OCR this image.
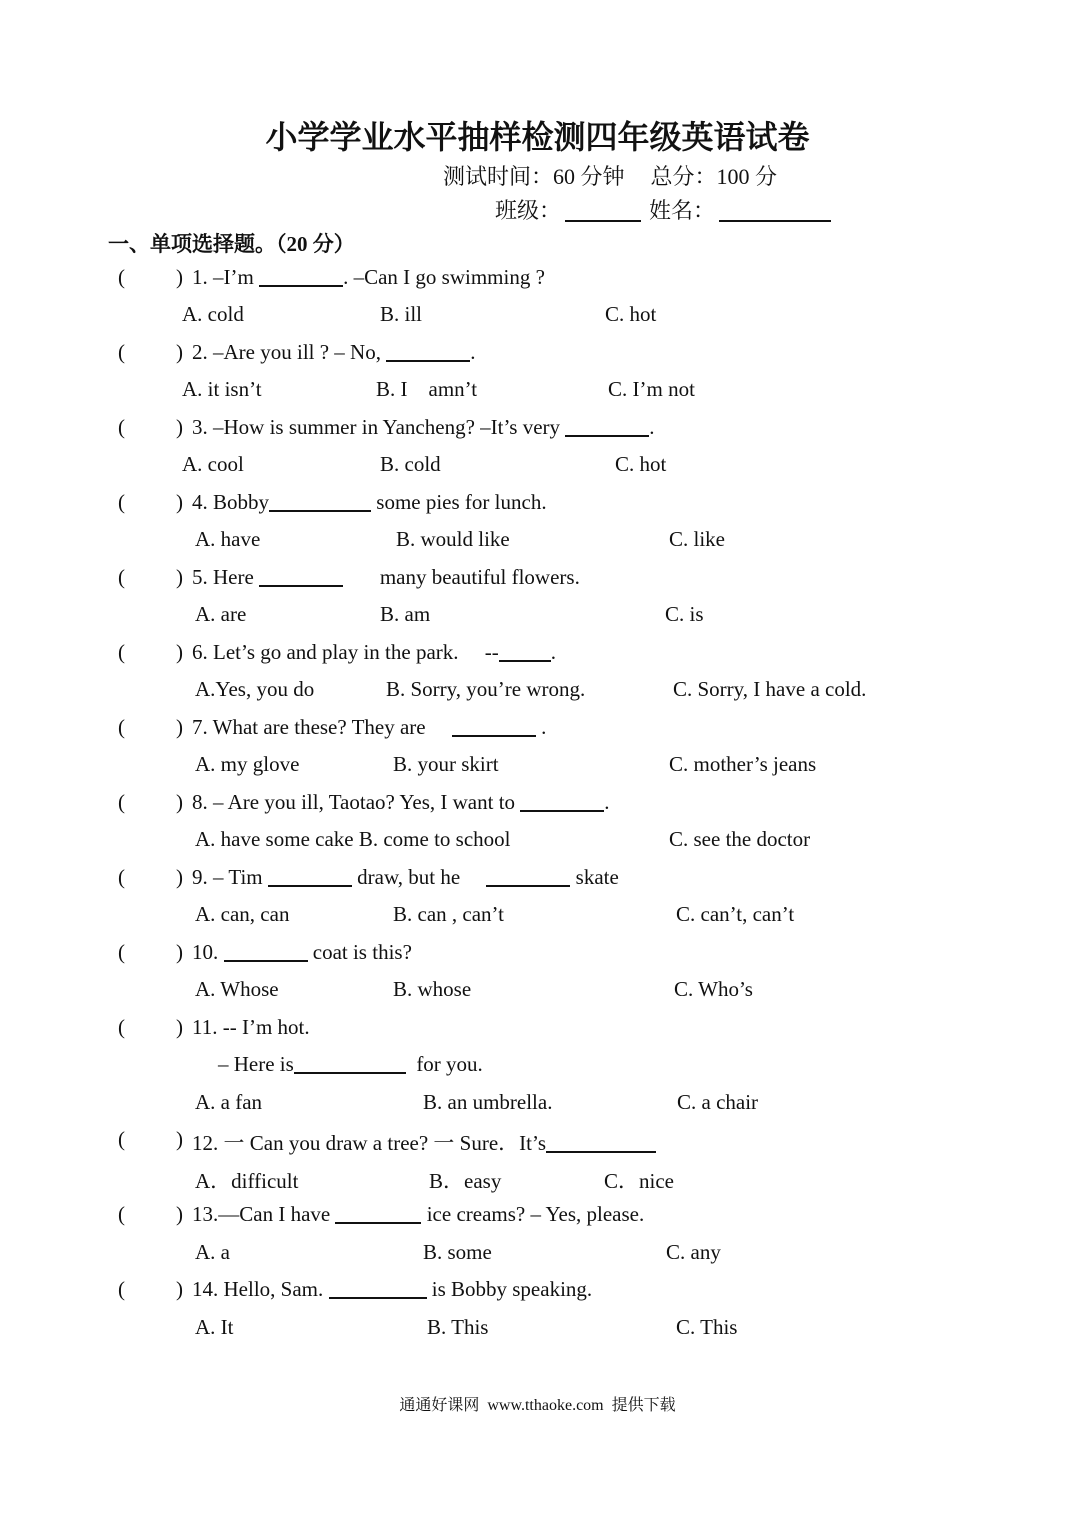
小学学业水平抽样检测四年级英语试卷
测试时间：60 分钟 总分：100 分
班级：	姓名：
一、单项选择题。（20 分）
( ) 1. –I’m	. –Can I go swimming ?
A. cold	B. ill	C. hot
( ) 2. –Are you ill ? – No,	.
A. it isn’t	B. I    amn’t	C. I’m not
( ) 3. –How is summer in Yancheng? –It’s very	.
A. cool	B. cold	C. hot
( ) 4. Bobby	some pies for lunch.
A. have	B. would like	C. like
( ) 5. Here	many beautiful flowers.
A. are	B. am	C. is
( ) 6. Let’s go and play in the park.     -- .
A.Yes, you do	B. Sorry, you’re wrong.	C. Sorry, I have a cold.
( ) 7. What are these? They are	.
A. my glove	B. your skirt	C. mother’s jeans
( ) 8. – Are you ill, Taotao? Yes, I want to	.
A. have some cake B. come to school	C. see the doctor
( ) 9. – Tim	draw, but he	skate
A. can, can	B. can , can’t	C. can’t, can’t
( ) 10.	coat is this?
A. Whose	B. whose	C. Who’s
( ) 11. -- I’m hot.
– Here is	for you.
A. a fan	B. an umbrella.	C. a chair
( ) 12. 一 Can you draw a tree? 一 Sure．It’s
A．difficult	B．easy	C．nice
( ) 13.—Can I have	ice creams? – Yes, please.
A. a	B. some	C. any
( ) 14. Hello, Sam.	is Bobby speaking.
A. It	B. This	C. This
通通好课网  www.tthaoke.com  提供下载
